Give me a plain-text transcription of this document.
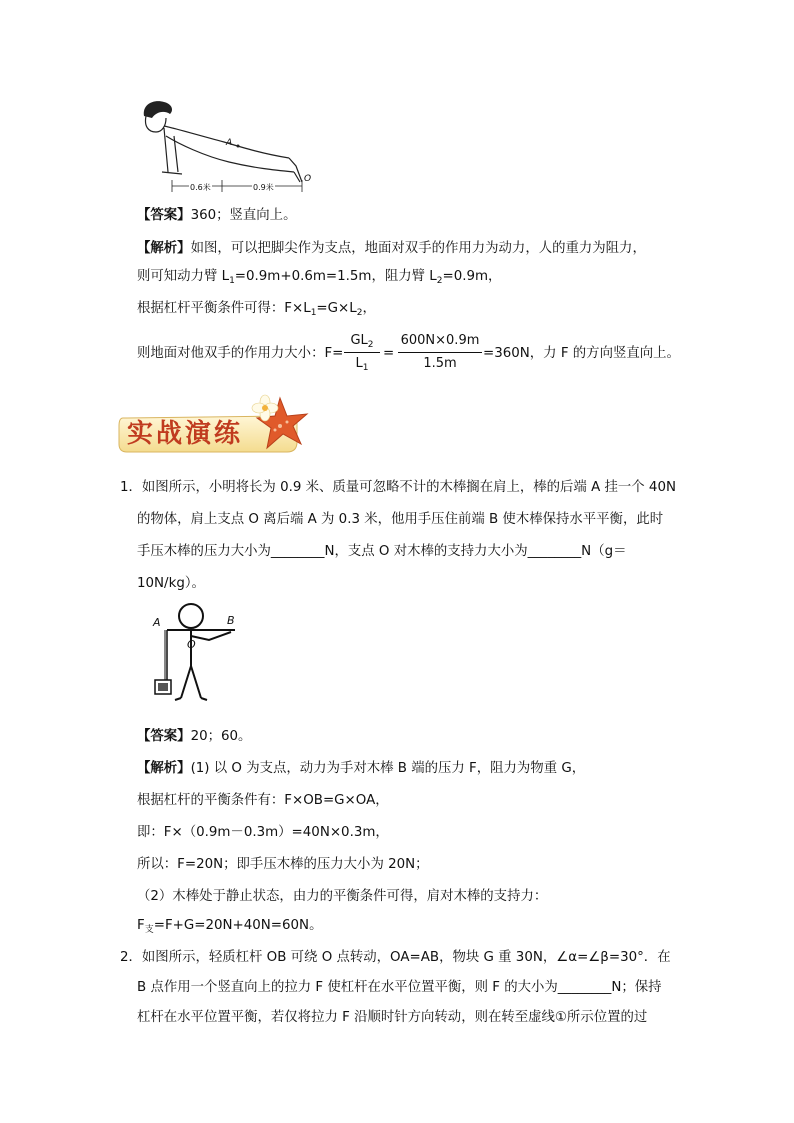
A
0.6米	0.9米
O
【答案】360；竖直向上。
【解析】如图，可以把脚尖作为支点，地面对双手的作用力为动力，人的重力为阻力，
则可知动力臂 $L_1=0.9m+0.6m=1.5m$，阻力臂 $L_2=0.9m$，
根据杠杆平衡条件可得：$F\times L_1=G\times L_2$，
则地面对他双手的作用力大小：F=
$GL_2$
$L_1$
=
600N×0.9m
1.5m
=360N，力 F 的方向竖直向上。
实战演练
1．如图所示，小明将长为 0.9 米、质量可忽略不计的木棒搁在肩上，棒的后端 A 挂一个 40N
的物体，肩上支点 O 离后端 A 为 0.3 米，他用手压住前端 B 使木棒保持水平平衡，此时
手压木棒的压力大小为________N，支点 O 对木棒的支持力大小为________N（g＝
10N/kg）。
A	B
O
【答案】20；60。
【解析】(1) 以 O 为支点，动力为手对木棒 B 端的压力 F，阻力为物重 G，
根据杠杆的平衡条件有：F×OB=G×OA，
即：F×（0.9m－0.3m）=40N×0.3m，
所以：F=20N；即手压木棒的压力大小为 20N；
（2）木棒处于静止状态，由力的平衡条件可得，肩对木棒的支持力：
$F_支=F+G=20N+40N=60N$。
2．如图所示，轻质杠杆 OB 可绕 O 点转动，OA=AB，物块 G 重 30N，∠α=∠β=30°．在
B 点作用一个竖直向上的拉力 F 使杠杆在水平位置平衡，则 F 的大小为________N；保持
杠杆在水平位置平衡，若仅将拉力 F 沿顺时针方向转动，则在转至虚线①所示位置的过
